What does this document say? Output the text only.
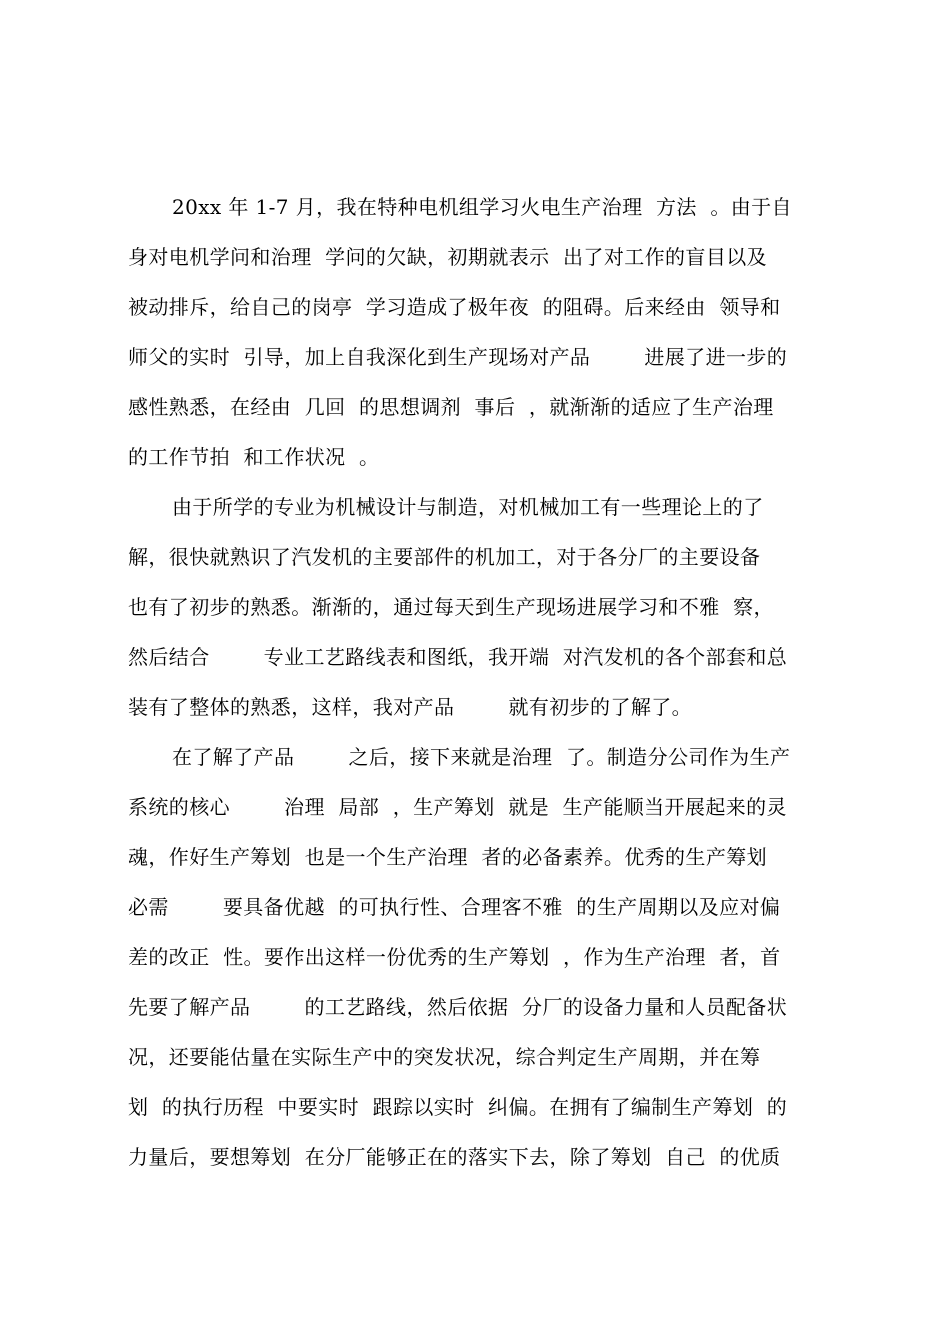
20xx 年 1-7 月，我在特种电机组学习火电生产治理  方法  。由于自
身对电机学问和治理  学问的欠缺，初期就表示  出了对工作的盲目以及
被动排斥，给自己的岗亭  学习造成了极年夜  的阻碍。后来经由  领导和
师父的实时  引导，加上自我深化到生产现场对产品        进展了进一步的
感性熟悉，在经由  几回  的思想调剂  事后  ，就渐渐的适应了生产治理
的工作节拍  和工作状况  。
由于所学的专业为机械设计与制造，对机械加工有一些理论上的了
解，很快就熟识了汽发机的主要部件的机加工，对于各分厂的主要设备
也有了初步的熟悉。渐渐的，通过每天到生产现场进展学习和不雅  察，
然后结合        专业工艺路线表和图纸，我开端  对汽发机的各个部套和总
装有了整体的熟悉，这样，我对产品        就有初步的了解了。
在了解了产品        之后，接下来就是治理  了。制造分公司作为生产
系统的核心        治理  局部  ，生产筹划  就是  生产能顺当开展起来的灵
魂，作好生产筹划  也是一个生产治理  者的必备素养。优秀的生产筹划
必需        要具备优越  的可执行性、合理客不雅  的生产周期以及应对偏
差的改正  性。要作出这样一份优秀的生产筹划  ，作为生产治理  者，首
先要了解产品        的工艺路线，然后依据  分厂的设备力量和人员配备状
况，还要能估量在实际生产中的突发状况，综合判定生产周期，并在筹
划  的执行历程  中要实时  跟踪以实时  纠偏。在拥有了编制生产筹划  的
力量后，要想筹划  在分厂能够正在的落实下去，除了筹划  自己  的优质
